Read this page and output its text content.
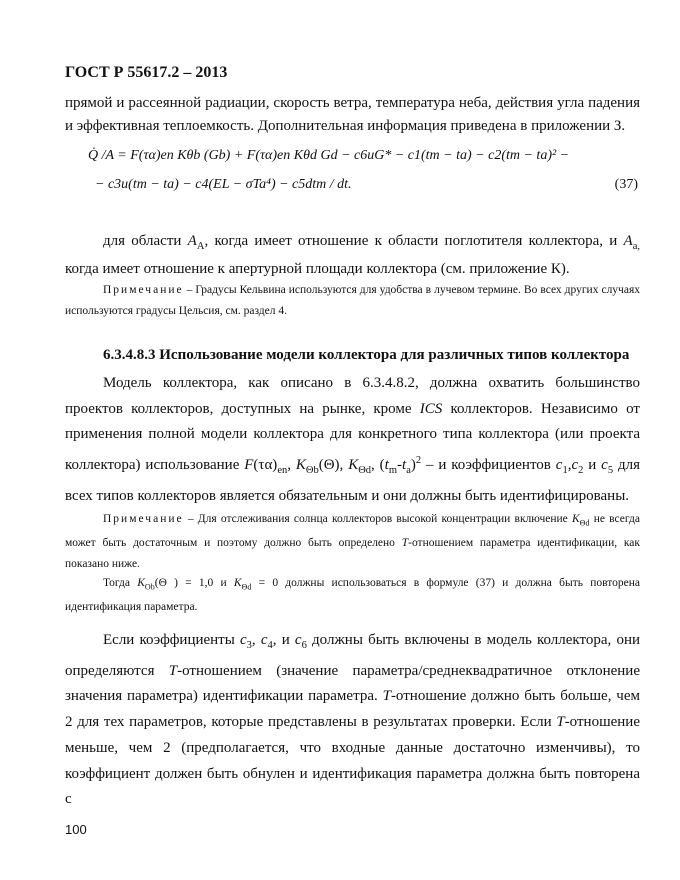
ГОСТ Р 55617.2 – 2013
прямой и рассеянной радиации, скорость ветра, температура неба, действия угла падения и эффективная теплоемкость. Дополнительная информация приведена в приложении З.
Q̇ /A = F(τα)en Kθb (Gb) + F(τα)en Kθd Gd − c6uG* − c1(tm − ta) − c2(tm − ta)² −
− c3u(tm − ta) − c4(EL − σTa⁴) − c5dtm / dt.	(37)
для области $A_A$, когда имеет отношение к области поглотителя коллектора, и $A_{a,}$ когда имеет отношение к апертурной площади коллектора (см. приложение К).
Примечание – Градусы Кельвина используются для удобства в лучевом термине. Во всех других случаях используются градусы Цельсия, см. раздел 4.
6.3.4.8.3 Использование модели коллектора для различных типов коллектора
Модель коллектора, как описано в 6.3.4.8.2, должна охватить большинство проектов коллекторов, доступных на рынке, кроме ICS коллекторов. Независимо от применения полной модели коллектора для конкретного типа коллектора (или проекта коллектора) использование $F(\tau\alpha)_{en}$, $K_{\Theta b}(\Theta)$, $K_{\Theta d}$, $(t_m-t_a)^2$ – и коэффициентов $c_1,c_2$ и $c_5$ для всех типов коллекторов является обязательным и они должны быть идентифицированы.
Примечание – Для отслеживания солнца коллекторов высокой концентрации включение $K_{\Theta d}$ не всегда может быть достаточным и поэтому должно быть определено T-отношением параметра идентификации, как показано ниже.
Тогда $K_{Ob}(\Theta$ ) = 1,0 и $K_{\Theta d} = 0$ должны использоваться в формуле (37) и должна быть повторена идентификация параметра.
Если коэффициенты $c_3$, $c_4$, и $c_6$ должны быть включены в модель коллектора, они определяются T-отношением (значение параметра/среднеквадратичное отклонение значения параметра) идентификации параметра. T-отношение должно быть больше, чем 2 для тех параметров, которые представлены в результатах проверки. Если T-отношение меньше, чем 2 (предполагается, что входные данные достаточно изменчивы), то коэффициент должен быть обнулен и идентификация параметра должна быть повторена с
100
